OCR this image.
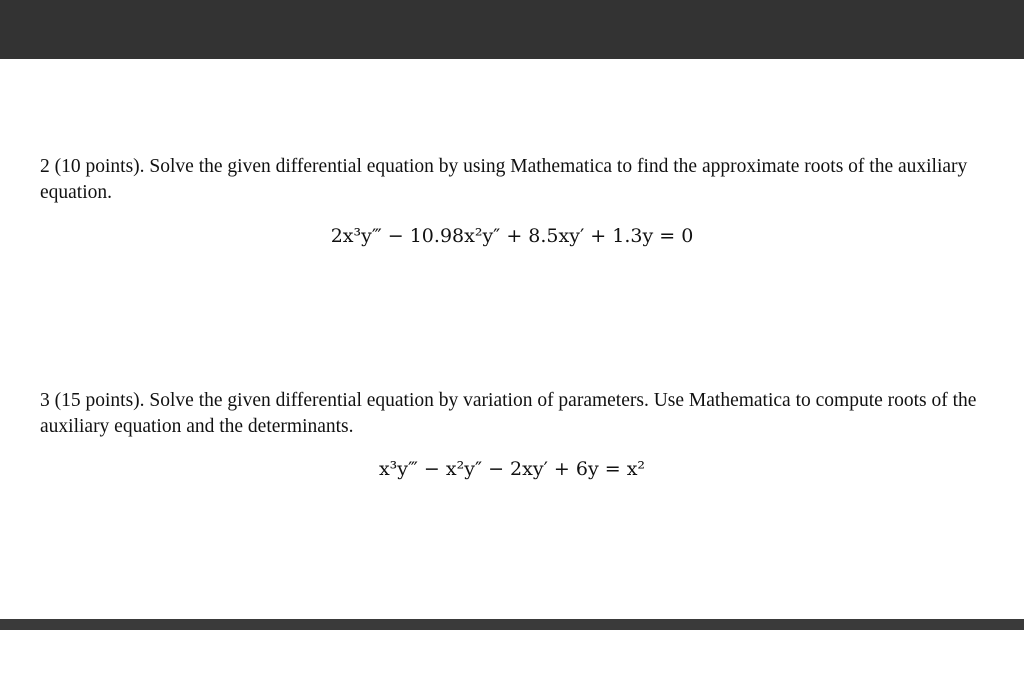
2 (10 points). Solve the given differential equation by using Mathematica to find the approximate roots of the auxiliary equation.

2x³y‴ − 10.98x²y″ + 8.5xy′ + 1.3y = 0

3 (15 points). Solve the given differential equation by variation of parameters. Use Mathematica to compute roots of the auxiliary equation and the determinants.

x³y‴ − x²y″ − 2xy′ + 6y = x²
